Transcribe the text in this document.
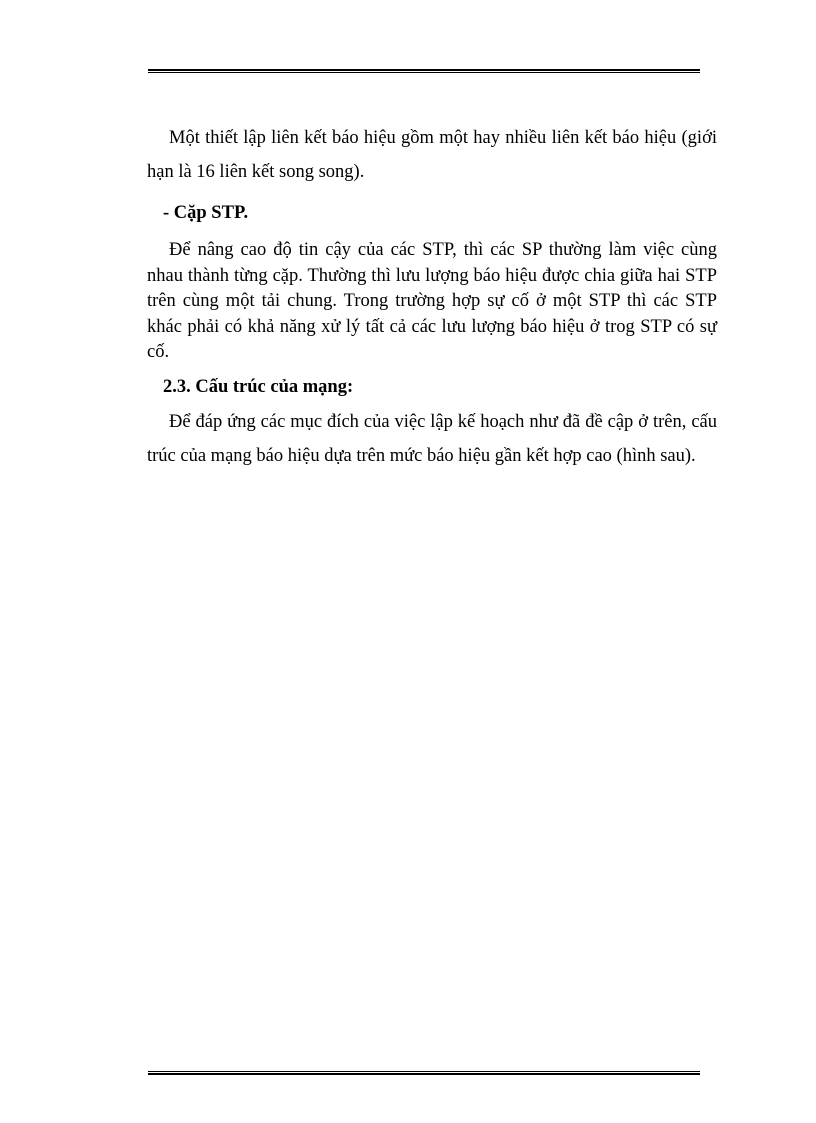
Một thiết lập liên kết báo hiệu gồm một hay nhiều liên kết báo hiệu (giới hạn là 16 liên kết song song).

- Cặp STP.

Để nâng cao độ tin cậy của các STP, thì các SP thường làm việc cùng nhau thành từng cặp. Thường thì lưu lượng báo hiệu được chia giữa hai STP trên cùng một tải chung. Trong trường hợp sự cố ở một STP thì các STP khác phải có khả năng xử lý tất cả các lưu lượng báo hiệu ở trog STP có sự cố.

2.3. Cấu trúc của mạng:

Để đáp ứng các mục đích của việc lập kế hoạch như đã đề cập ở trên, cấu trúc của mạng báo hiệu dựa trên mức báo hiệu gần kết hợp cao (hình sau).
